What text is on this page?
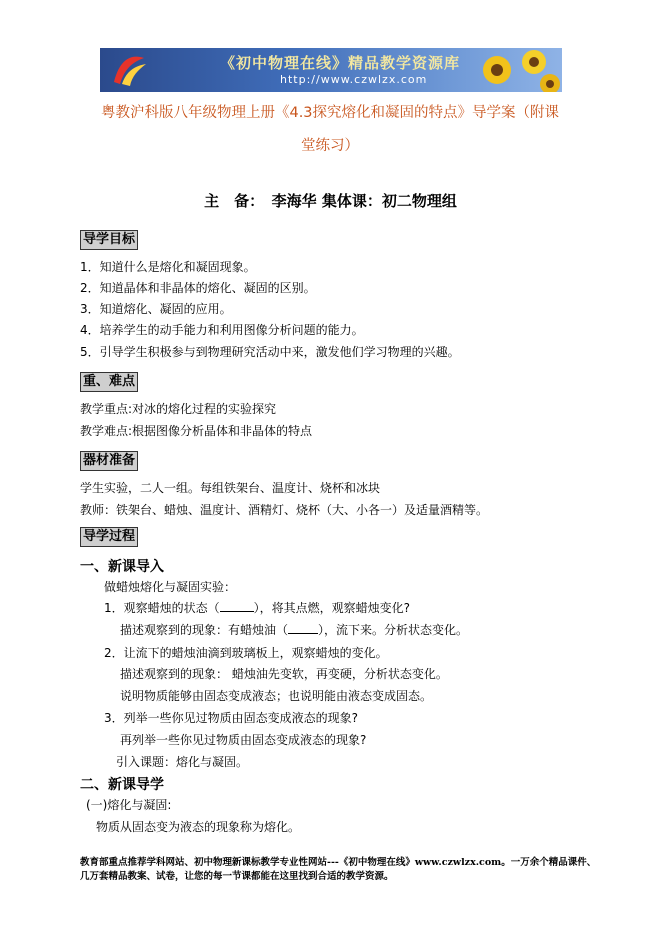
《初中物理在线》精品教学资源库
http://www.czwlzx.com
粤教沪科版八年级物理上册《4.3探究熔化和凝固的特点》导学案（附课
堂练习）
主　备：　李海华 集体课：初二物理组
导学目标
1．知道什么是熔化和凝固现象。
2．知道晶体和非晶体的熔化、凝固的区别。
3．知道熔化、凝固的应用。
4．培养学生的动手能力和利用图像分析问题的能力。
5．引导学生积极参与到物理研究活动中来，激发他们学习物理的兴趣。
重、难点
教学重点:对冰的熔化过程的实验探究
教学难点:根据图像分析晶体和非晶体的特点
器材准备
学生实验，二人一组。每组铁架台、温度计、烧杯和冰块
教师：铁架台、蜡烛、温度计、酒精灯、烧杯（大、小各一）及适量酒精等。
导学过程
一、新课导入
做蜡烛熔化与凝固实验：
1．观察蜡烛的状态（	），将其点燃，观察蜡烛变化?
描述观察到的现象：有蜡烛油（	），流下来。分析状态变化。
2．让流下的蜡烛油滴到玻璃板上，观察蜡烛的变化。
描述观察到的现象： 蜡烛油先变软，再变硬，分析状态变化。
说明物质能够由固态变成液态；也说明能由液态变成固态。
3．列举一些你见过物质由固态变成液态的现象?
再列举一些你见过物质由固态变成液态的现象?
引入课题：熔化与凝固。
二、新课导学
(一)熔化与凝固:
物质从固态变为液态的现象称为熔化。
教育部重点推荐学科网站、初中物理新课标教学专业性网站---《初中物理在线》www.czwlzx.com。一万余个精品课件、几万套精品教案、试卷，让您的每一节课都能在这里找到合适的教学资源。
